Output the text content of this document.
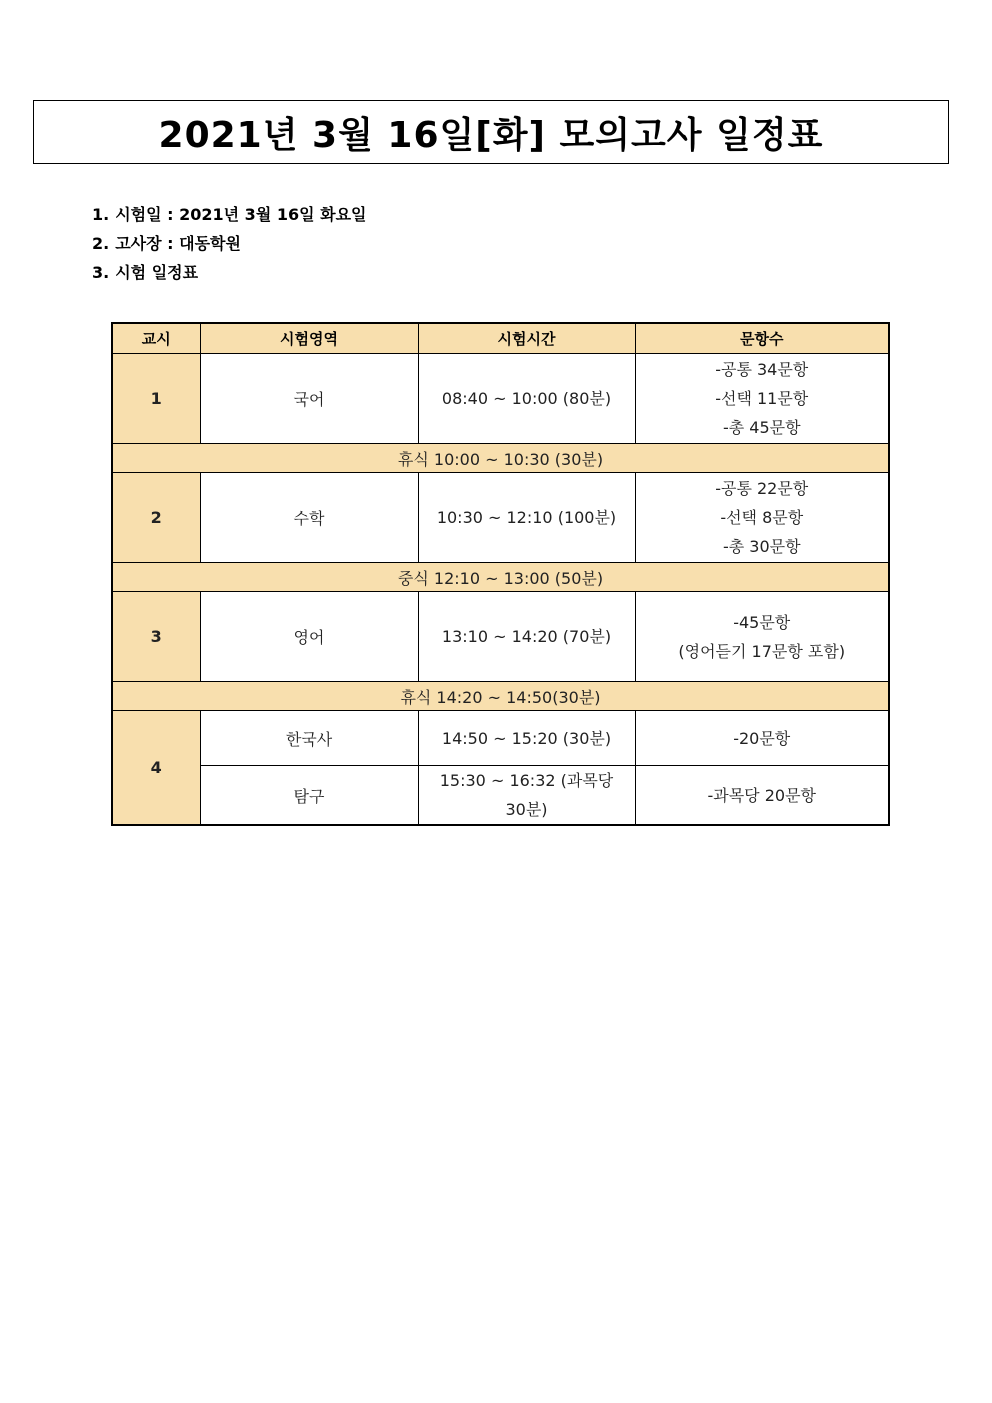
2021년 3월 16일[화] 모의고사 일정표
1. 시험일 : 2021년 3월 16일 화요일
2. 고사장 : 대동학원
3. 시험 일정표
교시	시험영역	시험시간	문항수
1	국어	08:40 ~ 10:00 (80분)	-공통 34문항
-선택 11문항
-총 45문항

휴식 10:00 ~ 10:30 (30분)			
2	수학	10:30 ~ 12:10 (100분)	-공통 22문항
-선택 8문항
-총 30문항

중식 12:10 ~ 13:00 (50분)			
3	영어	13:10 ~ 14:20 (70분)	-45문항
(영어듣기 17문항 포함)

휴식 14:20 ~ 14:50(30분)			
4	한국사	14:50 ~ 15:20 (30분)	-20문항
	탐구	15:30 ~ 16:32 (과목당
30분)	-과목당 20문항
